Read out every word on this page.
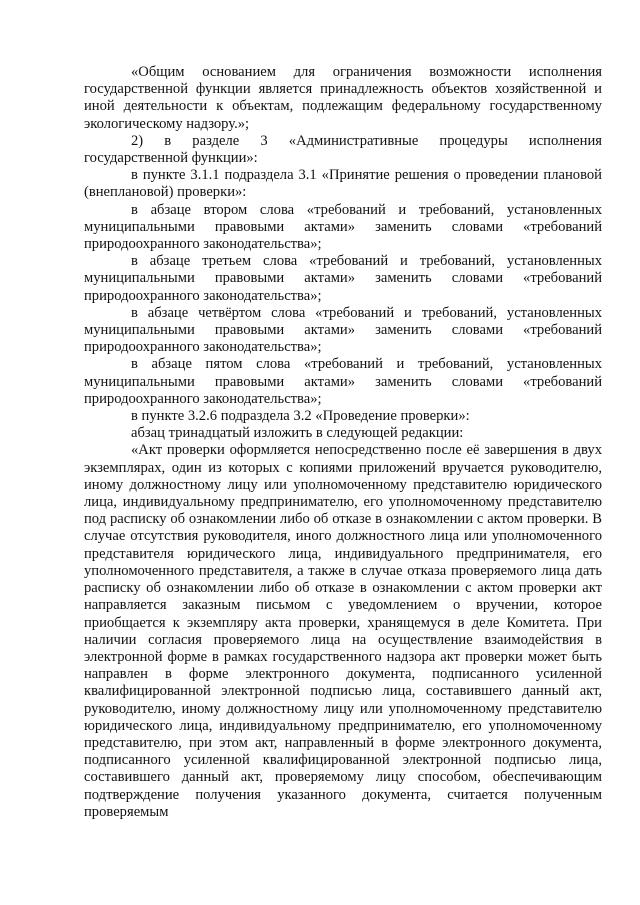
«Общим основанием для ограничения возможности исполнения государственной функции является принадлежность объектов хозяйственной и иной деятельности к объектам, подлежащим федеральному государственному экологическому надзору.»;

2) в разделе 3 «Административные процедуры исполнения государственной функции»:

в пункте 3.1.1 подраздела 3.1 «Принятие решения о проведении плановой (внеплановой) проверки»:

в абзаце втором слова «требований и требований, установленных муниципальными правовыми актами» заменить словами «требований природоохранного законодательства»;

в абзаце третьем слова «требований и требований, установленных муниципальными правовыми актами» заменить словами «требований природоохранного законодательства»;

в абзаце четвёртом слова «требований и требований, установленных муниципальными правовыми актами» заменить словами «требований природоохранного законодательства»;

в абзаце пятом слова «требований и требований, установленных муниципальными правовыми актами» заменить словами «требований природоохранного законодательства»;

в пункте 3.2.6 подраздела 3.2 «Проведение проверки»:

абзац тринадцатый изложить в следующей редакции:

«Акт проверки оформляется непосредственно после её завершения в двух экземплярах, один из которых с копиями приложений вручается руководителю, иному должностному лицу или уполномоченному представителю юридического лица, индивидуальному предпринимателю, его уполномоченному представителю под расписку об ознакомлении либо об отказе в ознакомлении с актом проверки. В случае отсутствия руководителя, иного должностного лица или уполномоченного представителя юридического лица, индивидуального предпринимателя, его уполномоченного представителя, а также в случае отказа проверяемого лица дать расписку об ознакомлении либо об отказе в ознакомлении с актом проверки акт направляется заказным письмом с уведомлением о вручении, которое приобщается к экземпляру акта проверки, хранящемуся в деле Комитета. При наличии согласия проверяемого лица на осуществление взаимодействия в электронной форме в рамках государственного надзора акт проверки может быть направлен в форме электронного документа, подписанного усиленной квалифицированной электронной подписью лица, составившего данный акт, руководителю, иному должностному лицу или уполномоченному представителю юридического лица, индивидуальному предпринимателю, его уполномоченному представителю, при этом акт, направленный в форме электронного документа, подписанного усиленной квалифицированной электронной подписью лица, составившего данный акт, проверяемому лицу способом, обеспечивающим подтверждение получения указанного документа, считается полученным проверяемым
